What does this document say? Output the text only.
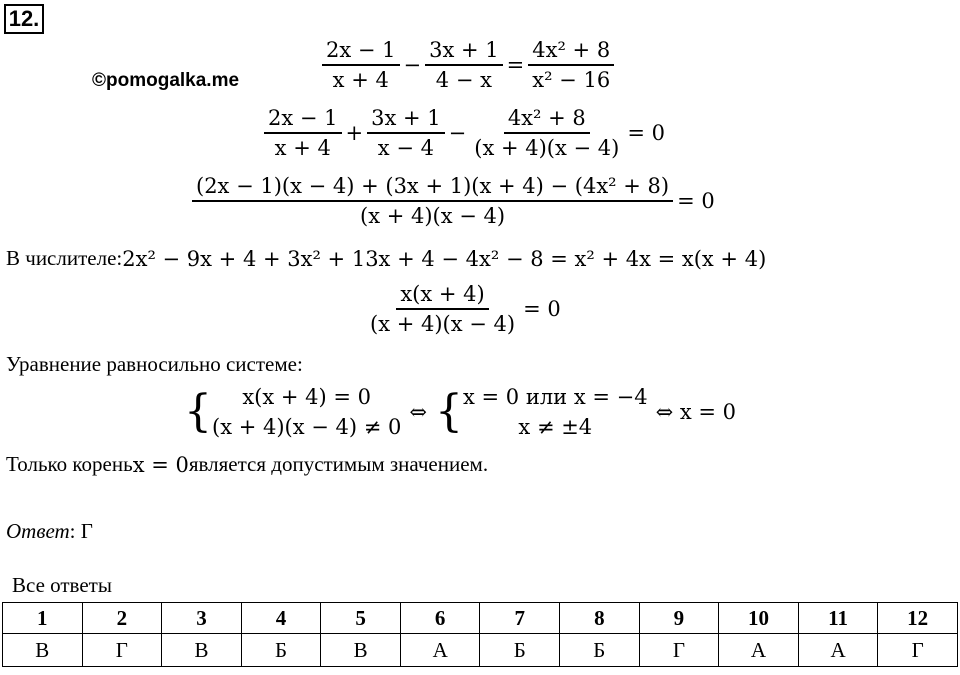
12.
©pomogalka.me	$\frac{2x - 1}{x + 4} - \frac{3x + 1}{4 - x} = \frac{\text{4x² + 8}}{\text{x² − 16}}$
$\frac{2x - 1}{x + 4} + \frac{3x + 1}{x - 4} - \frac{\text{4x² + 8}}{(x + 4)(x - 4)} = 0$
$\frac{\text{(2x − 1)(x − 4) + (3x + 1)(x + 4) − (4x² + 8)}}{(x + 4)(x - 4)} = 0$
В числителе: 2x² − 9x + 4 + 3x² + 13x + 4 − 4x² − 8 = x² + 4x = x(x + 4)
$\frac{x(x + 4)}{(x + 4)(x - 4)} = 0$
Уравнение равносильно системе:
{ x(x + 4) = 0
(x + 4)(x − 4) ≠ 0
⇔ { x = 0 или x = −4
x ≠ ±4
⇔ x = 0
Только корень x = 0 является допустимым значением.
Ответ: Г
Все ответы
1	2	3	4	5	6	7	8	9	10	11	12
В	Г	В	Б	В	А	Б	Б	Г	А	А	Г
